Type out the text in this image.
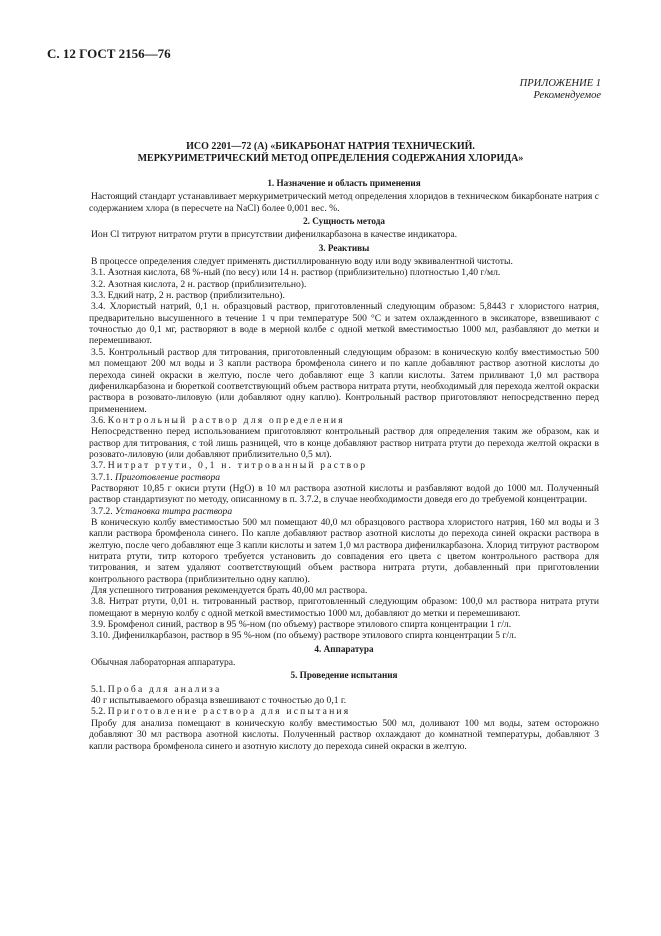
С. 12 ГОСТ 2156—76
ПРИЛОЖЕНИЕ 1
Рекомендуемое
ИСО 2201—72 (А) «БИКАРБОНАТ НАТРИЯ ТЕХНИЧЕСКИЙ.
МЕРКУРИМЕТРИЧЕСКИЙ МЕТОД ОПРЕДЕЛЕНИЯ СОДЕРЖАНИЯ ХЛОРИДА»

1. Назначение и область применения

Настоящий стандарт устанавливает меркуриметрический метод определения хлоридов в техническом бикарбонате натрия с содержанием хлора (в пересчете на NaCl) более 0,001 вес. %.

2. Сущность метода

Ион Cl титруют нитратом ртути в присутствии дифенилкарбазона в качестве индикатора.

3. Реактивы

В процессе определения следует применять дистиллированную воду или воду эквивалентной чистоты.

3.1. Азотная кислота, 68 %-ный (по весу) или 14 н. раствор (приблизительно) плотностью 1,40 г/мл.

3.2. Азотная кислота, 2 н. раствор (приблизительно).

3.3. Едкий натр, 2 н. раствор (приблизительно).

3.4. Хлористый натрий, 0,1 н. образцовый раствор, приготовленный следующим образом: 5,8443 г хлористого натрия, предварительно высушенного в течение 1 ч при температуре 500 °С и затем охлажденного в эксикаторе, взвешивают с точностью до 0,1 мг, растворяют в воде в мерной колбе с одной меткой вместимостью 1000 мл, разбавляют до метки и перемешивают.

3.5. Контрольный раствор для титрования, приготовленный следующим образом: в коническую колбу вместимостью 500 мл помещают 200 мл воды и 3 капли раствора бромфенола синего и по капле добавляют раствор азотной кислоты до перехода синей окраски в желтую, после чего добавляют еще 3 капли кислоты. Затем приливают 1,0 мл раствора дифенилкарбазона и бюреткой соответствующий объем раствора нитрата ртути, необходимый для перехода желтой окраски раствора в розовато-лиловую (или добавляют одну каплю). Контрольный раствор приготовляют непосредственно перед применением.

3.6. Контрольный раствор для определения

Непосредственно перед использованием приготовляют контрольный раствор для определения таким же образом, как и раствор для титрования, с той лишь разницей, что в конце добавляют раствор нитрата ртути до перехода желтой окраски в розовато-лиловую (или добавляют приблизительно 0,5 мл).

3.7. Нитрат ртути, 0,1 н. титрованный раствор

3.7.1. Приготовление раствора

Растворяют 10,85 г окиси ртути (HgO) в 10 мл раствора азотной кислоты и разбавляют водой до 1000 мл. Полученный раствор стандартизуют по методу, описанному в п. 3.7.2, в случае необходимости доведя его до требуемой концентрации.

3.7.2. Установка титра раствора

В коническую колбу вместимостью 500 мл помещают 40,0 мл образцового раствора хлористого натрия, 160 мл воды и 3 капли раствора бромфенола синего. По капле добавляют раствор азотной кислоты до перехода синей окраски раствора в желтую, после чего добавляют еще 3 капли кислоты и затем 1,0 мл раствора дифенилкарбазона. Хлорид титруют раствором нитрата ртути, титр которого требуется установить до совпадения его цвета с цветом контрольного раствора для титрования, и затем удаляют соответствующий объем раствора нитрата ртути, добавленный при приготовлении контрольного раствора (приблизительно одну каплю).

Для успешного титрования рекомендуется брать 40,00 мл раствора.

3.8. Нитрат ртути, 0,01 н. титрованный раствор, приготовленный следующим образом: 100,0 мл раствора нитрата ртути помещают в мерную колбу с одной меткой вместимостью 1000 мл, добавляют до метки и перемешивают.

3.9. Бромфенол синий, раствор в 95 %-ном (по объему) растворе этилового спирта концентрации 1 г/л.

3.10. Дифенилкарбазон, раствор в 95 %-ном (по объему) растворе этилового спирта концентрации 5 г/л.

4. Аппаратура

Обычная лабораторная аппаратура.

5. Проведение испытания

5.1. Проба для анализа

40 г испытываемого образца взвешивают с точностью до 0,1 г.

5.2. Приготовление раствора для испытания

Пробу для анализа помещают в коническую колбу вместимостью 500 мл, доливают 100 мл воды, затем осторожно добавляют 30 мл раствора азотной кислоты. Полученный раствор охлаждают до комнатной температуры, добавляют 3 капли раствора бромфенола синего и азотную кислоту до перехода синей окраски в желтую.
